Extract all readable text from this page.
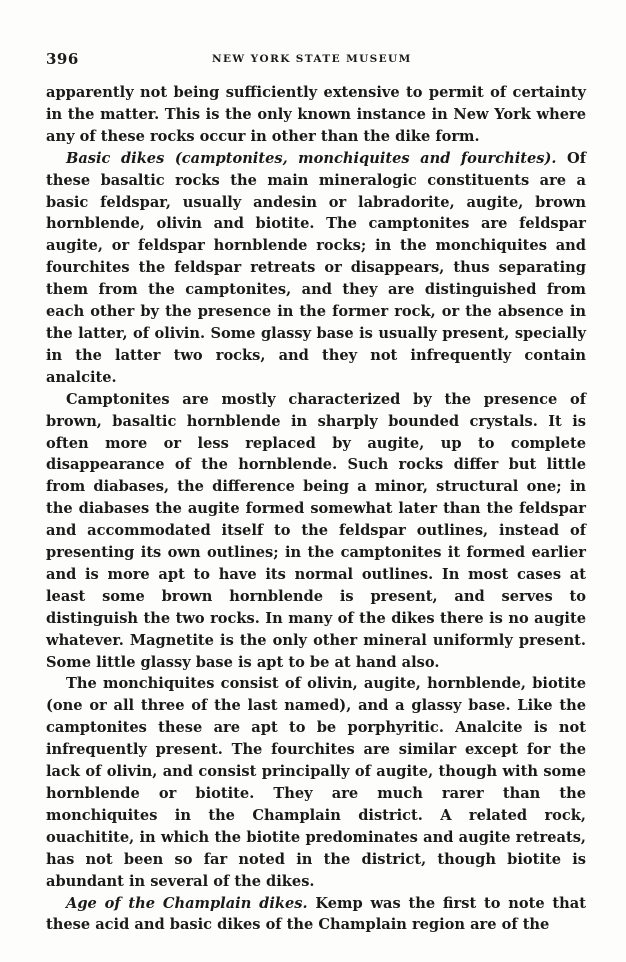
396	NEW YORK STATE MUSEUM

apparently not being sufficiently extensive to permit of certainty in the matter. This is the only known instance in New York where any of these rocks occur in other than the dike form.

Basic dikes (camptonites, monchiquites and fourchites). Of these basaltic rocks the main mineralogic constituents are a basic feldspar, usually andesin or labradorite, augite, brown hornblende, olivin and biotite. The camptonites are feldspar augite, or feldspar hornblende rocks; in the monchiquites and fourchites the feldspar retreats or disappears, thus separating them from the camptonites, and they are distinguished from each other by the presence in the former rock, or the absence in the latter, of olivin. Some glassy base is usually present, specially in the latter two rocks, and they not infrequently contain analcite.

Camptonites are mostly characterized by the presence of brown, basaltic hornblende in sharply bounded crystals. It is often more or less replaced by augite, up to complete disappearance of the hornblende. Such rocks differ but little from diabases, the difference being a minor, structural one; in the diabases the augite formed somewhat later than the feldspar and accommodated itself to the feldspar outlines, instead of presenting its own outlines; in the camptonites it formed earlier and is more apt to have its normal outlines. In most cases at least some brown hornblende is present, and serves to distinguish the two rocks. In many of the dikes there is no augite whatever. Magnetite is the only other mineral uniformly present. Some little glassy base is apt to be at hand also.

The monchiquites consist of olivin, augite, hornblende, biotite (one or all three of the last named), and a glassy base. Like the camptonites these are apt to be porphyritic. Analcite is not infrequently present. The fourchites are similar except for the lack of olivin, and consist principally of augite, though with some hornblende or biotite. They are much rarer than the monchiquites in the Champlain district. A related rock, ouachitite, in which the biotite predominates and augite retreats, has not been so far noted in the district, though biotite is abundant in several of the dikes.

Age of the Champlain dikes. Kemp was the first to note that these acid and basic dikes of the Champlain region are of the
